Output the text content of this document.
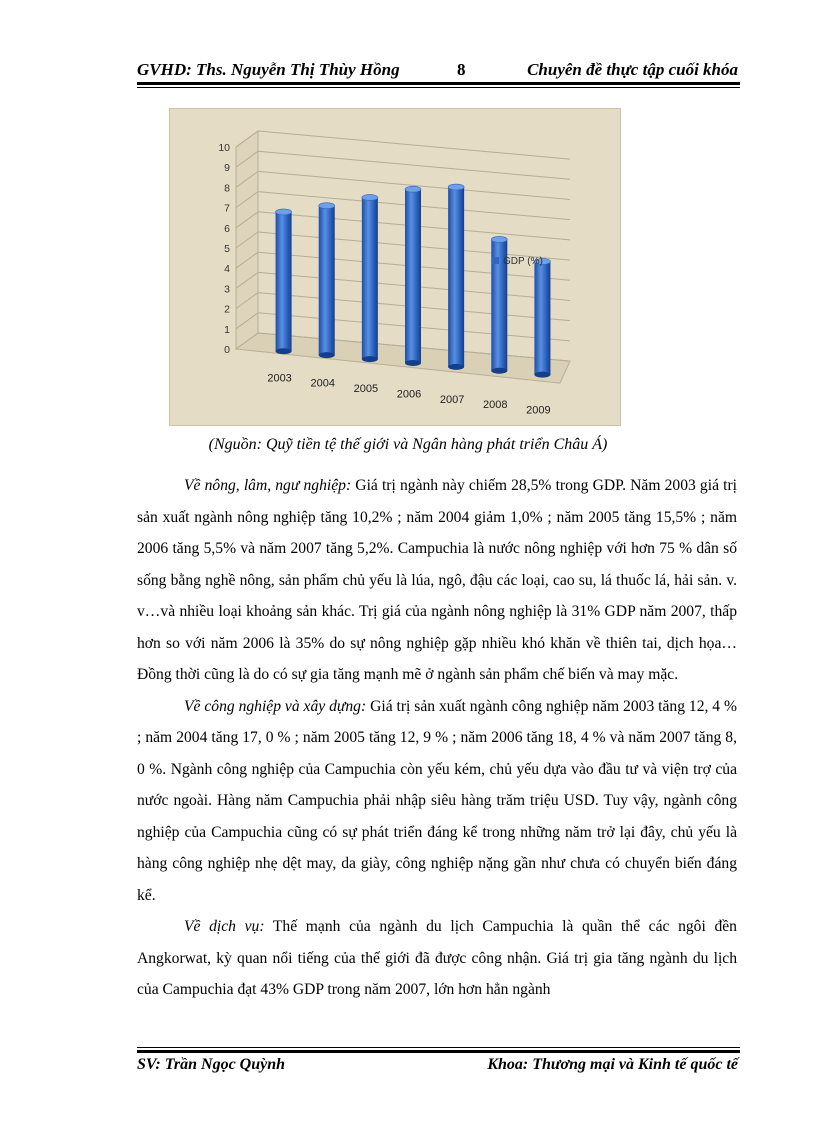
GVHD: Ths. Nguyễn Thị Thùy Hồng	8	Chuyên đề thực tập cuối khóa
0
1
2
3
4
5
6
7
8
9
10
2003 2004 2005 2006 2007 2008 2009
GDP (%)
(Nguồn: Quỹ tiền tệ thế giới và Ngân hàng phát triển Châu Á)

Về nông, lâm, ngư nghiệp: Giá trị ngành này chiếm 28,5% trong GDP. Năm 2003 giá trị sản xuất ngành nông nghiệp tăng 10,2% ; năm 2004 giảm 1,0% ; năm 2005 tăng 15,5% ; năm 2006 tăng 5,5% và năm 2007 tăng 5,2%. Campuchia là nước nông nghiệp với hơn 75 % dân số sống bằng nghề nông, sản phẩm chủ yếu là lúa, ngô, đậu các loại, cao su, lá thuốc lá, hải sản. v. v…và nhiều loại khoảng sản khác. Trị giá của ngành nông nghiệp là 31% GDP năm 2007, thấp hơn so với năm 2006 là 35% do sự nông nghiệp gặp nhiều khó khăn về thiên tai, dịch họa… Đồng thời cũng là do có sự gia tăng mạnh mẽ ở ngành sản phẩm chế biến và may mặc.

Về công nghiệp và xây dựng: Giá trị sản xuất ngành công nghiệp năm 2003 tăng 12, 4 % ; năm 2004 tăng 17, 0 % ; năm 2005 tăng 12, 9 % ; năm 2006 tăng 18, 4 % và năm 2007 tăng 8, 0 %. Ngành công nghiệp của Campuchia còn yếu kém, chủ yếu dựa vào đầu tư và viện trợ của nước ngoài. Hàng năm Campuchia phải nhập siêu hàng trăm triệu USD. Tuy vậy, ngành công nghiệp của Campuchia cũng có sự phát triển đáng kể trong những năm trở lại đây, chủ yếu là hàng công nghiệp nhẹ dệt may, da giày, công nghiệp nặng gần như chưa có chuyển biến đáng kể.

Về dịch vụ: Thế mạnh của ngành du lịch Campuchia là quần thể các ngôi đền Angkorwat, kỳ quan nổi tiếng của thế giới đã được công nhận. Giá trị gia tăng ngành du lịch của Campuchia đạt 43% GDP trong năm 2007, lớn hơn hẳn ngành

SV: Trần Ngọc Quỳnh	Khoa: Thương mại và Kinh tế quốc tế
